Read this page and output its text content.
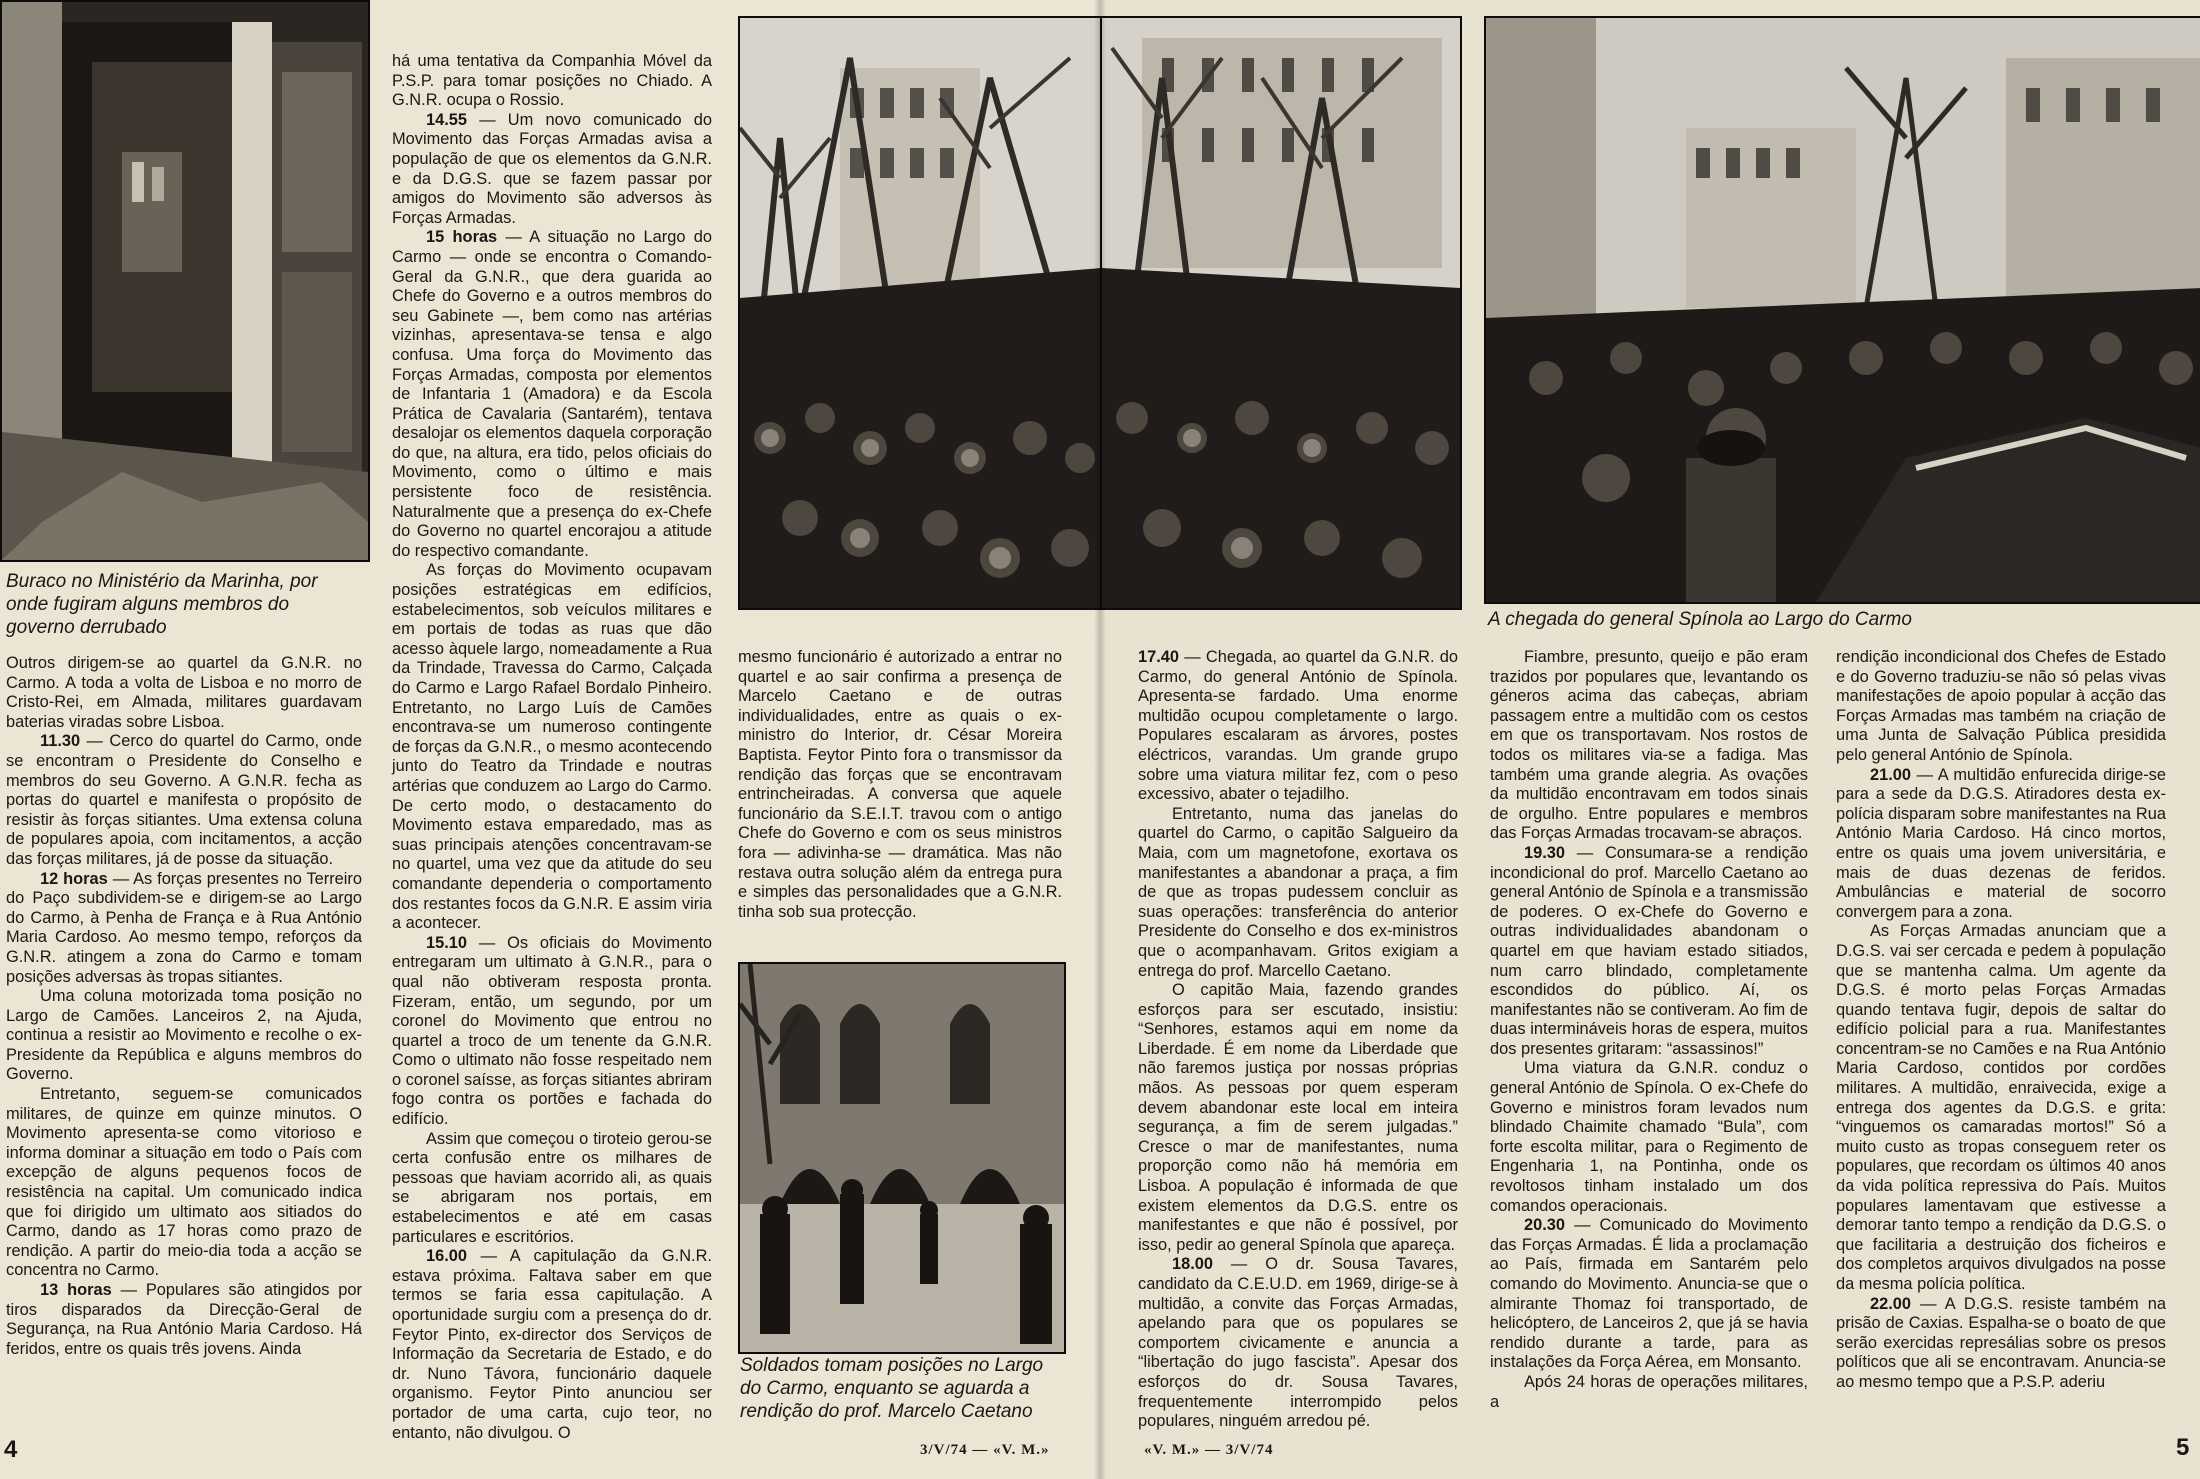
Buraco no Ministério da Marinha, por onde fugiram alguns membros do governo derrubado

Outros dirigem-se ao quartel da G.N.R. no Carmo. A toda a volta de Lisboa e no morro de Cristo-Rei, em Almada, militares guardavam baterias viradas sobre Lisboa.

11.30 — Cerco do quartel do Carmo, onde se encontram o Presidente do Conselho e membros do seu Governo. A G.N.R. fecha as portas do quartel e manifesta o propósito de resistir às forças sitiantes. Uma extensa coluna de populares apoia, com incitamentos, a acção das forças militares, já de posse da situação.

12 horas — As forças presentes no Terreiro do Paço subdividem-se e dirigem-se ao Largo do Carmo, à Penha de França e à Rua António Maria Cardoso. Ao mesmo tempo, reforços da G.N.R. atingem a zona do Carmo e tomam posições adversas às tropas sitiantes.

Uma coluna motorizada toma posição no Largo de Camões. Lanceiros 2, na Ajuda, continua a resistir ao Movimento e recolhe o ex-Presidente da República e alguns membros do Governo.

Entretanto, seguem-se comunicados militares, de quinze em quinze minutos. O Movimento apresenta-se como vitorioso e informa dominar a situação em todo o País com excepção de alguns pequenos focos de resistência na capital. Um comunicado indica que foi dirigido um ultimato aos sitiados do Carmo, dando as 17 horas como prazo de rendição. A partir do meio-dia toda a acção se concentra no Carmo.

13 horas — Populares são atingidos por tiros disparados da Direcção-Geral de Segurança, na Rua António Maria Cardoso. Há feridos, entre os quais três jovens. Ainda

há uma tentativa da Companhia Móvel da P.S.P. para tomar posições no Chiado. A G.N.R. ocupa o Rossio.

14.55 — Um novo comunicado do Movimento das Forças Armadas avisa a população de que os elementos da G.N.R. e da D.G.S. que se fazem passar por amigos do Movimento são adversos às Forças Armadas.

15 horas — A situação no Largo do Carmo — onde se encontra o Comando-Geral da G.N.R., que dera guarida ao Chefe do Governo e a outros membros do seu Gabinete —, bem como nas artérias vizinhas, apresentava-se tensa e algo confusa. Uma força do Movimento das Forças Armadas, composta por elementos de Infantaria 1 (Amadora) e da Escola Prática de Cavalaria (Santarém), tentava desalojar os elementos daquela corporação do que, na altura, era tido, pelos oficiais do Movimento, como o último e mais persistente foco de resistência. Naturalmente que a presença do ex-Chefe do Governo no quartel encorajou a atitude do respectivo comandante.

As forças do Movimento ocupavam posições estratégicas em edifícios, estabelecimentos, sob veículos militares e em portais de todas as ruas que dão acesso àquele largo, nomeadamente a Rua da Trindade, Travessa do Carmo, Calçada do Carmo e Largo Rafael Bordalo Pinheiro. Entretanto, no Largo Luís de Camões encontrava-se um numeroso contingente de forças da G.N.R., o mesmo acontecendo junto do Teatro da Trindade e noutras artérias que conduzem ao Largo do Carmo. De certo modo, o destacamento do Movimento estava emparedado, mas as suas principais atenções concentravam-se no quartel, uma vez que da atitude do seu comandante dependeria o comportamento dos restantes focos da G.N.R. E assim viria a acontecer.

15.10 — Os oficiais do Movimento entregaram um ultimato à G.N.R., para o qual não obtiveram resposta pronta. Fizeram, então, um segundo, por um coronel do Movimento que entrou no quartel a troco de um tenente da G.N.R. Como o ultimato não fosse respeitado nem o coronel saísse, as forças sitiantes abriram fogo contra os portões e fachada do edifício.

Assim que começou o tiroteio gerou-se certa confusão entre os milhares de pessoas que haviam acorrido ali, as quais se abrigaram nos portais, em estabelecimentos e até em casas particulares e escritórios.

16.00 — A capitulação da G.N.R. estava próxima. Faltava saber em que termos se faria essa capitulação. A oportunidade surgiu com a presença do dr. Feytor Pinto, ex-director dos Serviços de Informação da Secretaria de Estado, e do dr. Nuno Távora, funcionário daquele organismo. Feytor Pinto anunciou ser portador de uma carta, cujo teor, no entanto, não divulgou. O

mesmo funcionário é autorizado a entrar no quartel e ao sair confirma a presença de Marcelo Caetano e de outras individualidades, entre as quais o ex-ministro do Interior, dr. César Moreira Baptista. Feytor Pinto fora o transmissor da rendição das forças que se encontravam entrincheiradas. A conversa que aquele funcionário da S.E.I.T. travou com o antigo Chefe do Governo e com os seus ministros fora — adivinha-se — dramática. Mas não restava outra solução além da entrega pura e simples das personalidades que a G.N.R. tinha sob sua protecção.

Soldados tomam posições no Largo do Carmo, enquanto se aguarda a rendição do prof. Marcelo Caetano
4	3/V/74 — «V. M.»
A chegada do general Spínola ao Largo do Carmo

17.40 — Chegada, ao quartel da G.N.R. do Carmo, do general António de Spínola. Apresenta-se fardado. Uma enorme multidão ocupou completamente o largo. Populares escalaram as árvores, postes eléctricos, varandas. Um grande grupo sobre uma viatura militar fez, com o peso excessivo, abater o tejadilho.

Entretanto, numa das janelas do quartel do Carmo, o capitão Salgueiro da Maia, com um magnetofone, exortava os manifestantes a abandonar a praça, a fim de que as tropas pudessem concluir as suas operações: transferência do anterior Presidente do Conselho e dos ex-ministros que o acompanhavam. Gritos exigiam a entrega do prof. Marcello Caetano.

O capitão Maia, fazendo grandes esforços para ser escutado, insistiu: “Senhores, estamos aqui em nome da Liberdade. É em nome da Liberdade que não faremos justiça por nossas próprias mãos. As pessoas por quem esperam devem abandonar este local em inteira segurança, a fim de serem julgadas.” Cresce o mar de manifestantes, numa proporção como não há memória em Lisboa. A população é informada de que existem elementos da D.G.S. entre os manifestantes e que não é possível, por isso, pedir ao general Spínola que apareça.

18.00 — O dr. Sousa Tavares, candidato da C.E.U.D. em 1969, dirige-se à multidão, a convite das Forças Armadas, apelando para que os populares se comportem civicamente e anuncia a “libertação do jugo fascista”. Apesar dos esforços do dr. Sousa Tavares, frequentemente interrompido pelos populares, ninguém arredou pé.

Fiambre, presunto, queijo e pão eram trazidos por populares que, levantando os géneros acima das cabeças, abriam passagem entre a multidão com os cestos em que os transportavam. Nos rostos de todos os militares via-se a fadiga. Mas também uma grande alegria. As ovações da multidão encontravam em todos sinais de orgulho. Entre populares e membros das Forças Armadas trocavam-se abraços.

19.30 — Consumara-se a rendição incondicional do prof. Marcello Caetano ao general António de Spínola e a transmissão de poderes. O ex-Chefe do Governo e outras individualidades abandonam o quartel em que haviam estado sitiados, num carro blindado, completamente escondidos do público. Aí, os manifestantes não se contiveram. Ao fim de duas intermináveis horas de espera, muitos dos presentes gritaram: “assassinos!”

Uma viatura da G.N.R. conduz o general António de Spínola. O ex-Chefe do Governo e ministros foram levados num blindado Chaimite chamado “Bula”, com forte escolta militar, para o Regimento de Engenharia 1, na Pontinha, onde os revoltosos tinham instalado um dos comandos operacionais.

20.30 — Comunicado do Movimento das Forças Armadas. É lida a proclamação ao País, firmada em Santarém pelo comando do Movimento. Anuncia-se que o almirante Thomaz foi transportado, de helicóptero, de Lanceiros 2, que já se havia rendido durante a tarde, para as instalações da Força Aérea, em Monsanto.

Após 24 horas de operações militares, a

rendição incondicional dos Chefes de Estado e do Governo traduziu-se não só pelas vivas manifestações de apoio popular à acção das Forças Armadas mas também na criação de uma Junta de Salvação Pública presidida pelo general António de Spínola.

21.00 — A multidão enfurecida dirige-se para a sede da D.G.S. Atiradores desta ex-polícia disparam sobre manifestantes na Rua António Maria Cardoso. Há cinco mortos, entre os quais uma jovem universitária, e mais de duas dezenas de feridos. Ambulâncias e material de socorro convergem para a zona.

As Forças Armadas anunciam que a D.G.S. vai ser cercada e pedem à população que se mantenha calma. Um agente da D.G.S. é morto pelas Forças Armadas quando tentava fugir, depois de saltar do edifício policial para a rua. Manifestantes concentram-se no Camões e na Rua António Maria Cardoso, contidos por cordões militares. A multidão, enraivecida, exige a entrega dos agentes da D.G.S. e grita: “vinguemos os camaradas mortos!” Só a muito custo as tropas conseguem reter os populares, que recordam os últimos 40 anos da vida política repressiva do País. Muitos populares lamentavam que estivesse a demorar tanto tempo a rendição da D.G.S. o que facilitaria a destruição dos ficheiros e dos completos arquivos divulgados na posse da mesma polícia política.

22.00 — A D.G.S. resiste também na prisão de Caxias. Espalha-se o boato de que serão exercidas represálias sobre os presos políticos que ali se encontravam. Anuncia-se ao mesmo tempo que a P.S.P. aderiu

«V. M.» — 3/V/74	5
